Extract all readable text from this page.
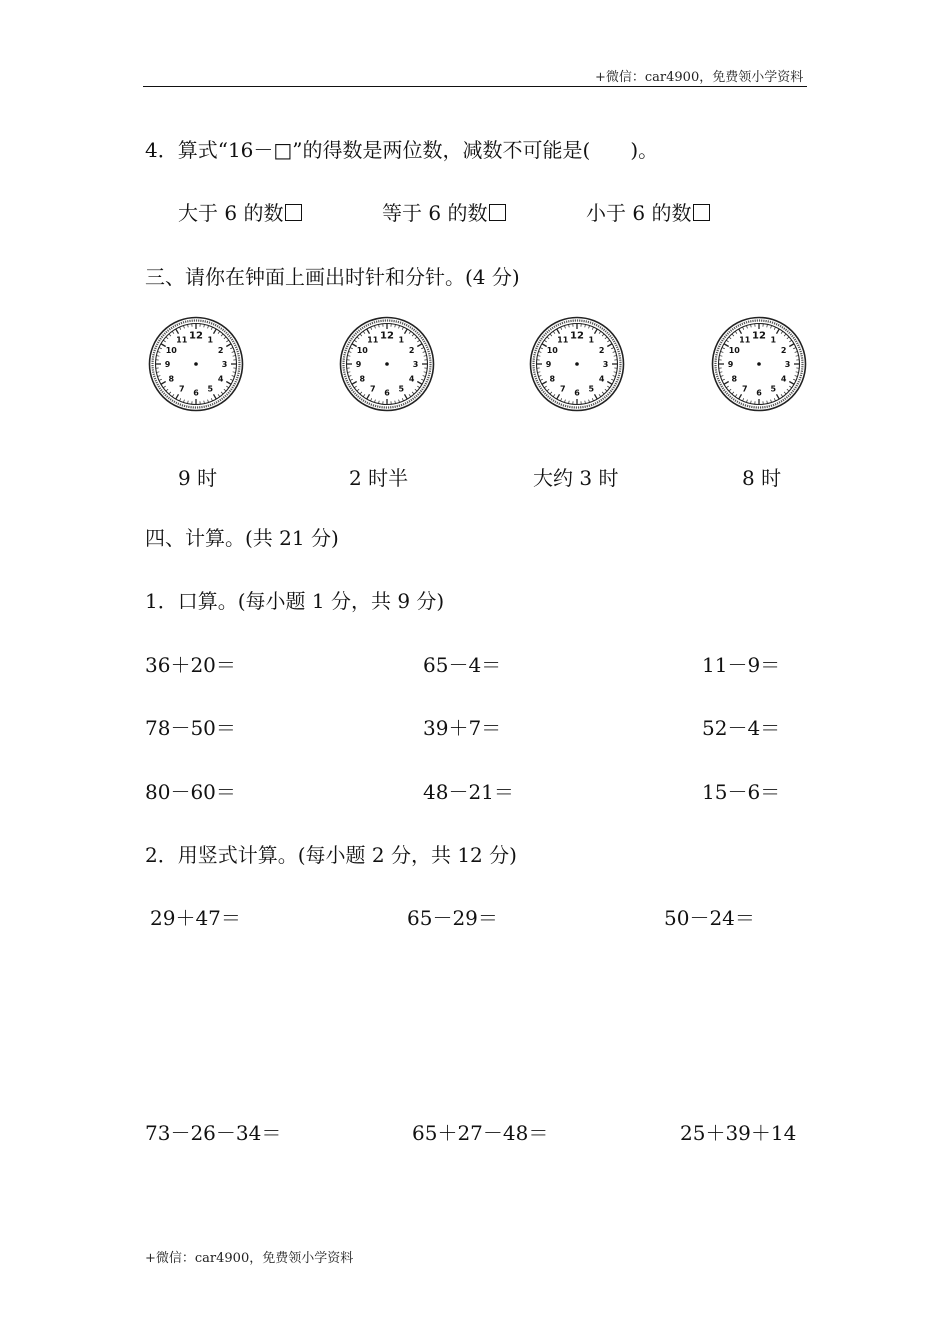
+微信：car4900，免费领小学资料
4．算式“16－□”的得数是两位数，减数不可能是(　　)。
大于 6 的数	等于 6 的数	小于 6 的数
三、请你在钟面上画出时针和分针。(4 分)
12 1
2
3
4
5
6
7
8
9
10
11	12 1
2
3
4
5
6
7
8
9
10
11	12 1
2
3
4
5
6
7
8
9
10
11	12 1
2
3
4
5
6
7
8
9
10
11
9 时	2 时半	大约 3 时	8 时
四、计算。(共 21 分)
1．口算。(每小题 1 分，共 9 分)
36＋20＝	65－4＝	11－9＝
78－50＝	39＋7＝	52－4＝
80－60＝	48－21＝	15－6＝
2．用竖式计算。(每小题 2 分，共 12 分)
29＋47＝	65－29＝	50－24＝
73－26－34＝	65＋27－48＝	25＋39＋14
+微信：car4900，免费领小学资料
